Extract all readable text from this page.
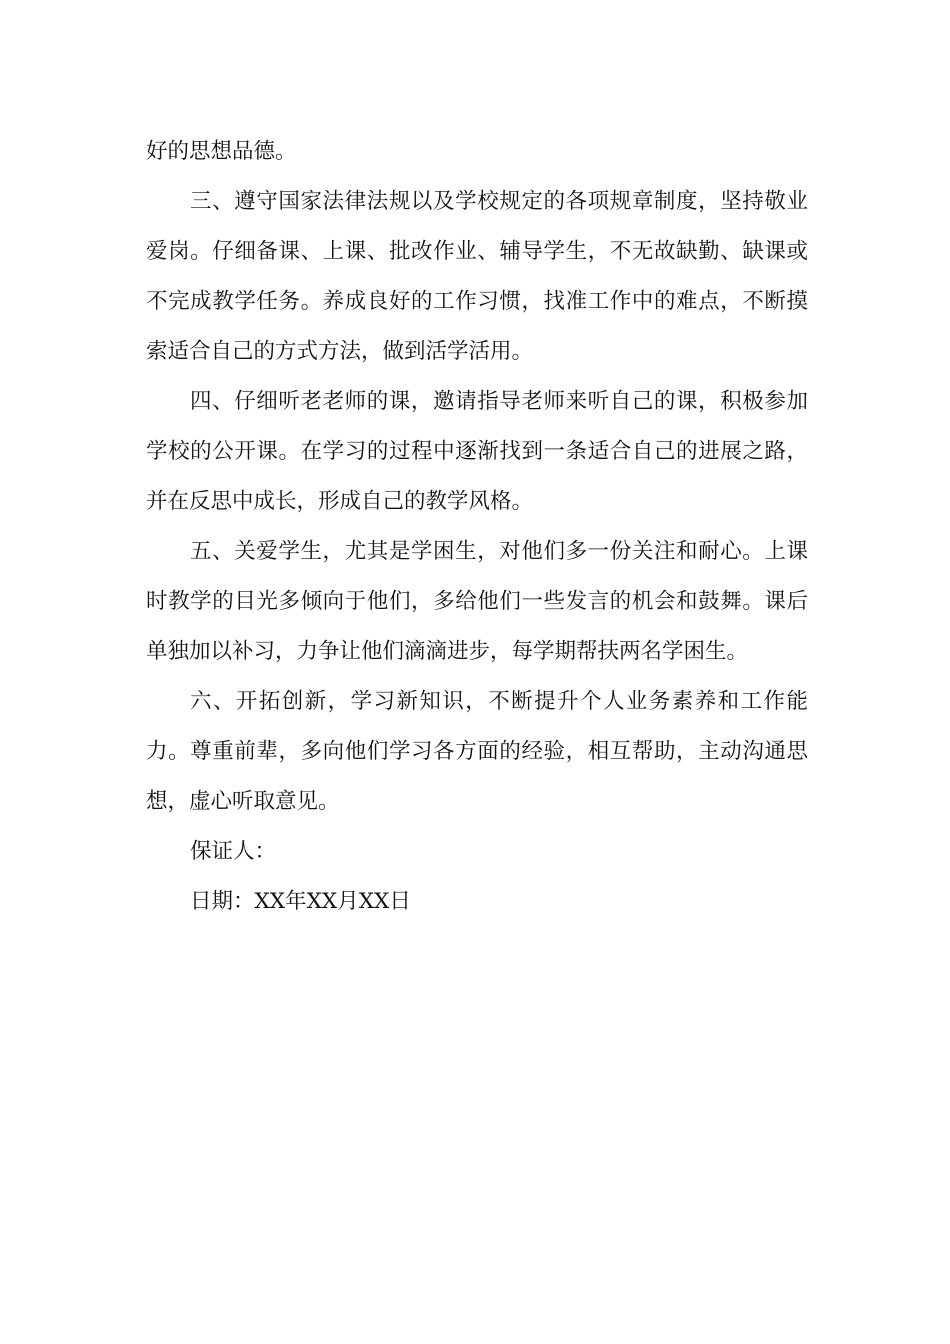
好的思想品德。

三、遵守国家法律法规以及学校规定的各项规章制度，坚持敬业爱岗。仔细备课、上课、批改作业、辅导学生，不无故缺勤、缺课或不完成教学任务。养成良好的工作习惯，找准工作中的难点，不断摸索适合自己的方式方法，做到活学活用。

四、仔细听老老师的课，邀请指导老师来听自己的课，积极参加学校的公开课。在学习的过程中逐渐找到一条适合自己的进展之路，并在反思中成长，形成自己的教学风格。

五、关爱学生，尤其是学困生，对他们多一份关注和耐心。上课时教学的目光多倾向于他们，多给他们一些发言的机会和鼓舞。课后单独加以补习，力争让他们滴滴进步，每学期帮扶两名学困生。

六、开拓创新，学习新知识，不断提升个人业务素养和工作能力。尊重前辈，多向他们学习各方面的经验，相互帮助，主动沟通思想，虚心听取意见。

保证人：

日期：XX年XX月XX日
